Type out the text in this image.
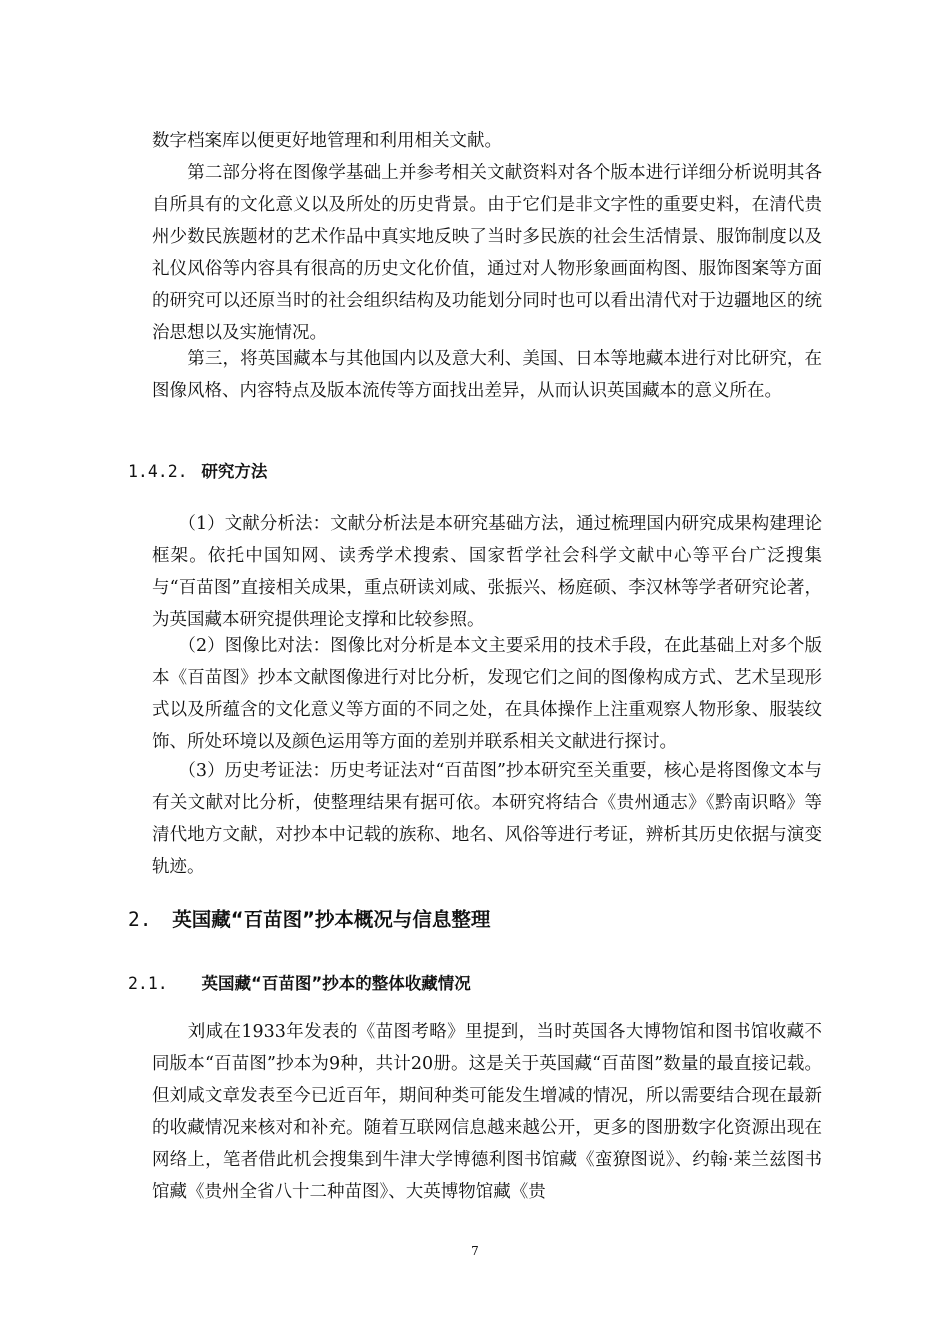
数字档案库以便更好地管理和利用相关文献。

　　第二部分将在图像学基础上并参考相关文献资料对各个版本进行详细分析说明其各自所具有的文化意义以及所处的历史背景。由于它们是非文字性的重要史料，在清代贵州少数民族题材的艺术作品中真实地反映了当时多民族的社会生活情景、服饰制度以及礼仪风俗等内容具有很高的历史文化价值，通过对人物形象画面构图、服饰图案等方面的研究可以还原当时的社会组织结构及功能划分同时也可以看出清代对于边疆地区的统治思想以及实施情况。

　　第三，将英国藏本与其他国内以及意大利、美国、日本等地藏本进行对比研究，在图像风格、内容特点及版本流传等方面找出差异，从而认识英国藏本的意义所在。

1.4.2. 研究方法

　　（1）文献分析法：文献分析法是本研究基础方法，通过梳理国内研究成果构建理论框架。依托中国知网、读秀学术搜索、国家哲学社会科学文献中心等平台广泛搜集与“百苗图”直接相关成果，重点研读刘咸、张振兴、杨庭硕、李汉林等学者研究论著，为英国藏本研究提供理论支撑和比较参照。

　　（2）图像比对法：图像比对分析是本文主要采用的技术手段，在此基础上对多个版本《百苗图》抄本文献图像进行对比分析，发现它们之间的图像构成方式、艺术呈现形式以及所蕴含的文化意义等方面的不同之处，在具体操作上注重观察人物形象、服装纹饰、所处环境以及颜色运用等方面的差别并联系相关文献进行探讨。

　　（3）历史考证法：历史考证法对“百苗图”抄本研究至关重要，核心是将图像文本与有关文献对比分析，使整理结果有据可依。本研究将结合《贵州通志》《黔南识略》等清代地方文献，对抄本中记载的族称、地名、风俗等进行考证，辨析其历史依据与演变轨迹。

2. 英国藏“百苗图”抄本概况与信息整理
2.1. 英国藏“百苗图”抄本的整体收藏情况

　　刘咸在1933年发表的《苗图考略》里提到，当时英国各大博物馆和图书馆收藏不同版本“百苗图”抄本为9种，共计20册。这是关于英国藏“百苗图”数量的最直接记载。但刘咸文章发表至今已近百年，期间种类可能发生增减的情况，所以需要结合现在最新的收藏情况来核对和补充。随着互联网信息越来越公开，更多的图册数字化资源出现在网络上，笔者借此机会搜集到牛津大学博德利图书馆藏《蛮獠图说》、约翰·莱兰兹图书馆藏《贵州全省八十二种苗图》、大英博物馆藏《贵

7
